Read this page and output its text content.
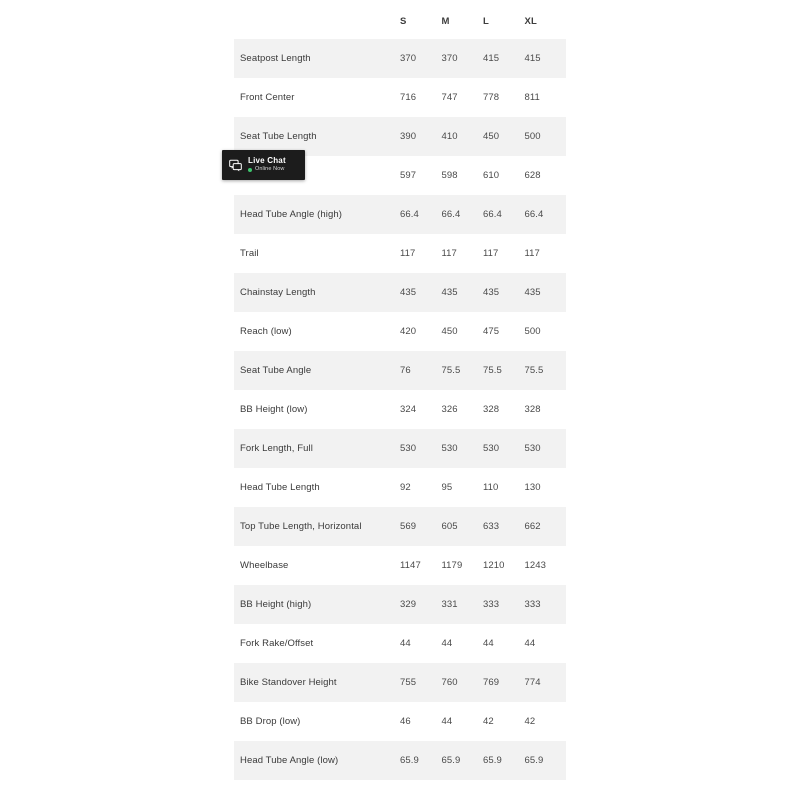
	S	M	L	XL
Seatpost Length	370	370	415	415
Front Center	716	747	778	811
Seat Tube Length	390	410	450	500
	597	598	610	628
Head Tube Angle (high)	66.4	66.4	66.4	66.4
Trail	117	117	117	117
Chainstay Length	435	435	435	435
Reach (low)	420	450	475	500
Seat Tube Angle	76	75.5	75.5	75.5
BB Height (low)	324	326	328	328
Fork Length, Full	530	530	530	530
Head Tube Length	92	95	110	130
Top Tube Length, Horizontal	569	605	633	662
Wheelbase	1147	1179	1210	1243
BB Height (high)	329	331	333	333
Fork Rake/Offset	44	44	44	44
Bike Standover Height	755	760	769	774
BB Drop (low)	46	44	42	42
Head Tube Angle (low)	65.9	65.9	65.9	65.9
Live Chat
Online Now
